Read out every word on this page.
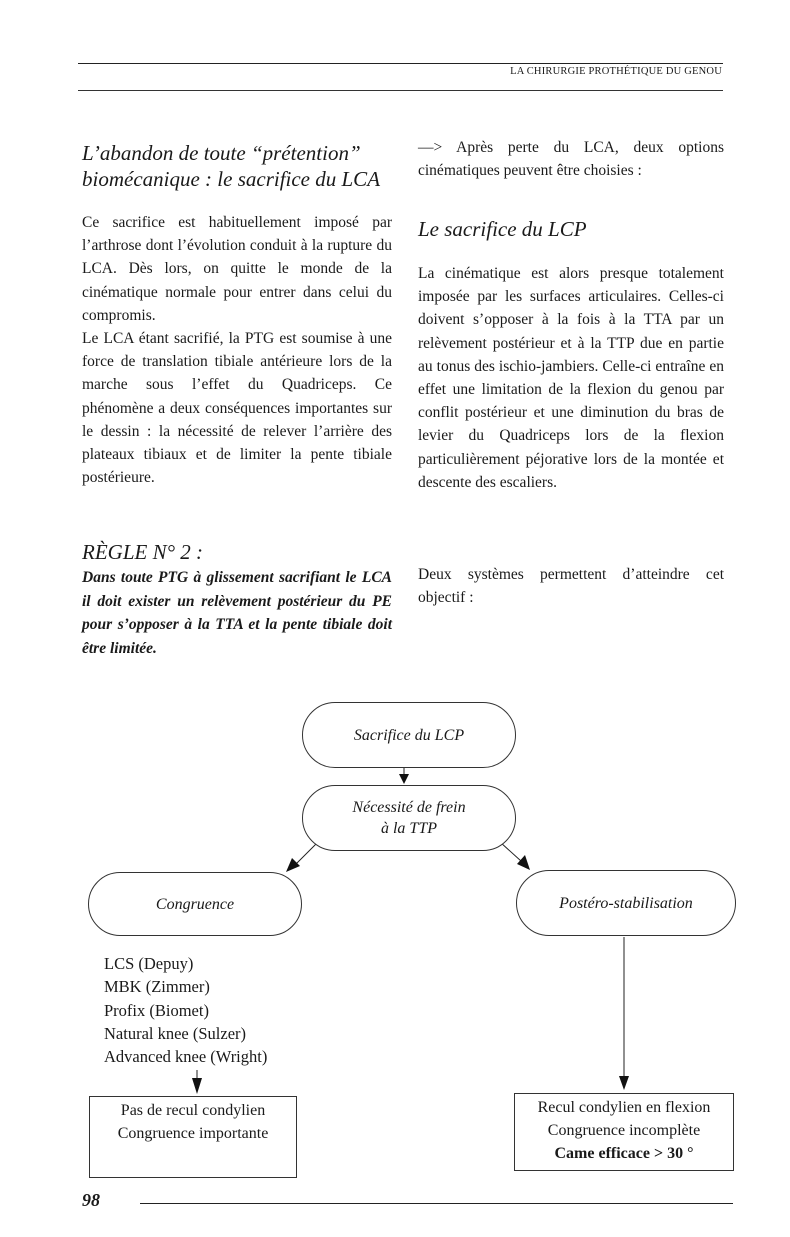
LA CHIRURGIE PROTHÉTIQUE DU GENOU
L’abandon de toute “prétention”
biomécanique : le sacrifice du LCA

Ce sacrifice est habituellement imposé par l’arthrose dont l’évolution conduit à la rupture du LCA. Dès lors, on quitte le monde de la cinématique normale pour entrer dans celui du compromis.

Le LCA étant sacrifié, la PTG est soumise à une force de translation tibiale antérieure lors de la marche sous l’effet du Quadriceps. Ce phénomène a deux conséquences importantes sur le dessin : la nécessité de relever l’arrière des plateaux tibiaux et de limiter la pente tibiale postérieure.

RÈGLE N° 2 :
Dans toute PTG à glissement sacrifiant le LCA il doit exister un relèvement postérieur du PE pour s’opposer à la TTA et la pente tibiale doit être limitée.
—> Après perte du LCA, deux options cinématiques peuvent être choisies :
Le sacrifice du LCP
La cinématique est alors presque totalement imposée par les surfaces articulaires. Celles-ci doivent s’opposer à la fois à la TTA par un relèvement postérieur et à la TTP due en partie au tonus des ischio-jambiers. Celle-ci entraîne en effet une limitation de la flexion du genou par conflit postérieur et une diminution du bras de levier du Quadriceps lors de la flexion particulièrement péjorative lors de la montée et descente des escaliers.
Deux systèmes permettent d’atteindre cet objectif :
Sacrifice du LCP
Nécessité de frein
à la TTP
Congruence	Postéro-stabilisation
LCS (Depuy)
MBK (Zimmer)
Profix (Biomet)
Natural knee (Sulzer)
Advanced knee (Wright)
Pas de recul condylien
Congruence importante
Recul condylien en flexion
Congruence incomplète
Came efficace > 30 °
98
